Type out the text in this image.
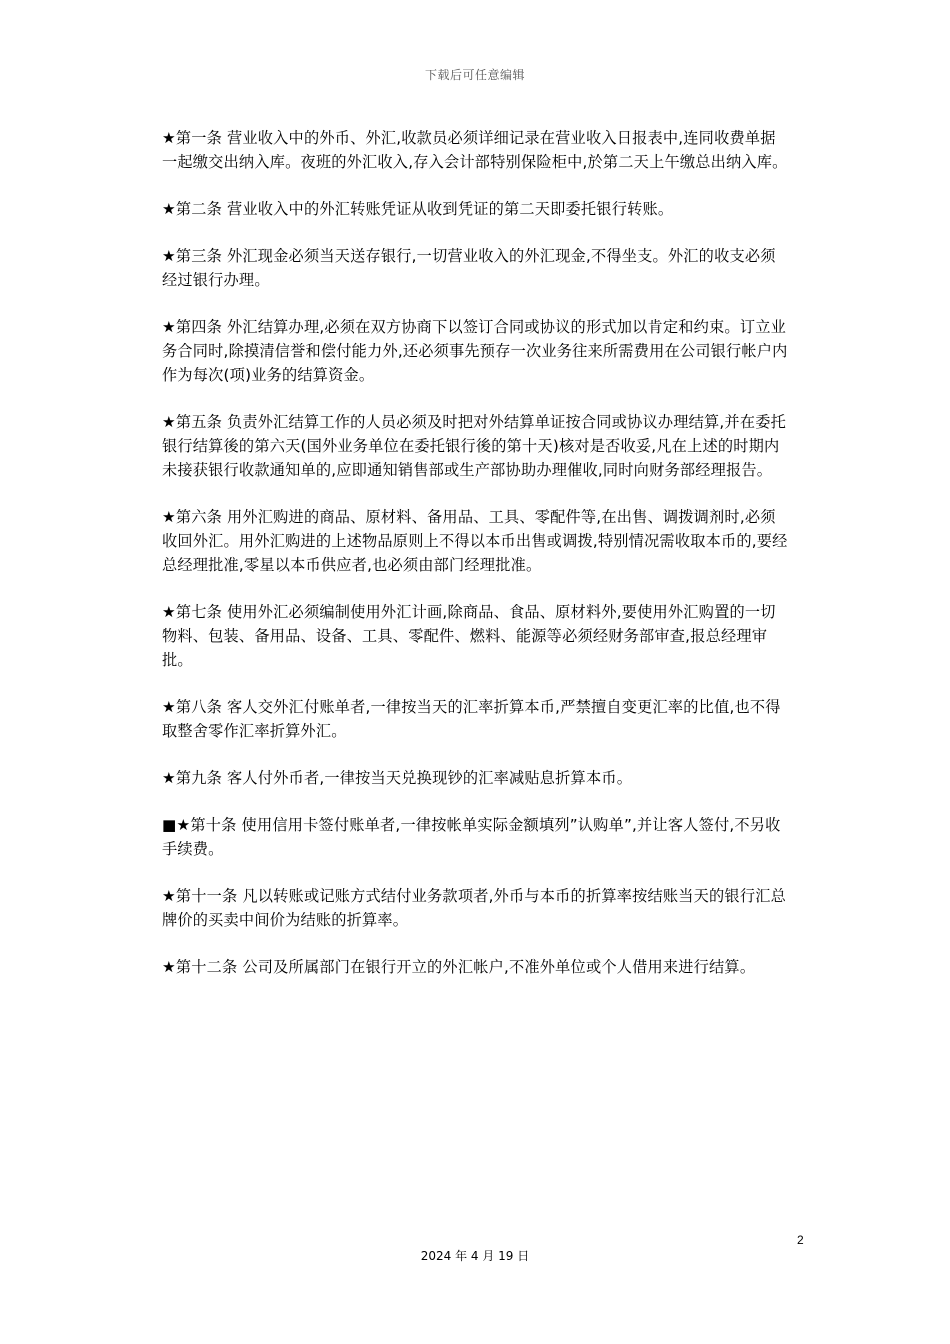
下载后可任意编辑

★第一条 营业收入中的外币、外汇,收款员必须详细记录在营业收入日报表中,连同收费单据一起缴交出纳入库。夜班的外汇收入,存入会计部特别保险柜中,於第二天上午缴总出纳入库。

★第二条 营业收入中的外汇转账凭证从收到凭证的第二天即委托银行转账。

★第三条 外汇现金必须当天送存银行,一切营业收入的外汇现金,不得坐支。外汇的收支必须经过银行办理。

★第四条 外汇结算办理,必须在双方协商下以签订合同或协议的形式加以肯定和约束。订立业务合同时,除摸清信誉和偿付能力外,还必须事先预存一次业务往来所需费用在公司银行帐户内作为每次(项)业务的结算资金。

★第五条 负责外汇结算工作的人员必须及时把对外结算单证按合同或协议办理结算,并在委托银行结算後的第六天(国外业务单位在委托银行後的第十天)核对是否收妥,凡在上述的时期内未接获银行收款通知单的,应即通知销售部或生产部协助办理催收,同时向财务部经理报告。

★第六条 用外汇购进的商品、原材料、备用品、工具、零配件等,在出售、调拨调剂时,必须收回外汇。用外汇购进的上述物品原则上不得以本币出售或调拨,特别情况需收取本币的,要经总经理批准,零星以本币供应者,也必须由部门经理批准。

★第七条 使用外汇必须编制使用外汇计画,除商品、食品、原材料外,要使用外汇购置的一切物料、包装、备用品、设备、工具、零配件、燃料、能源等必须经财务部审查,报总经理审批。

★第八条 客人交外汇付账单者,一律按当天的汇率折算本币,严禁擅自变更汇率的比值,也不得取整舍零作汇率折算外汇。

★第九条 客人付外币者,一律按当天兑换现钞的汇率减贴息折算本币。

■★第十条 使用信用卡签付账单者,一律按帐单实际金额填列”认购单”,并让客人签付,不另收手续费。

★第十一条 凡以转账或记账方式结付业务款项者,外币与本币的折算率按结账当天的银行汇总牌价的买卖中间价为结账的折算率。

★第十二条 公司及所属部门在银行开立的外汇帐户,不准外单位或个人借用来进行结算。

2
2024 年 4 月 19 日
